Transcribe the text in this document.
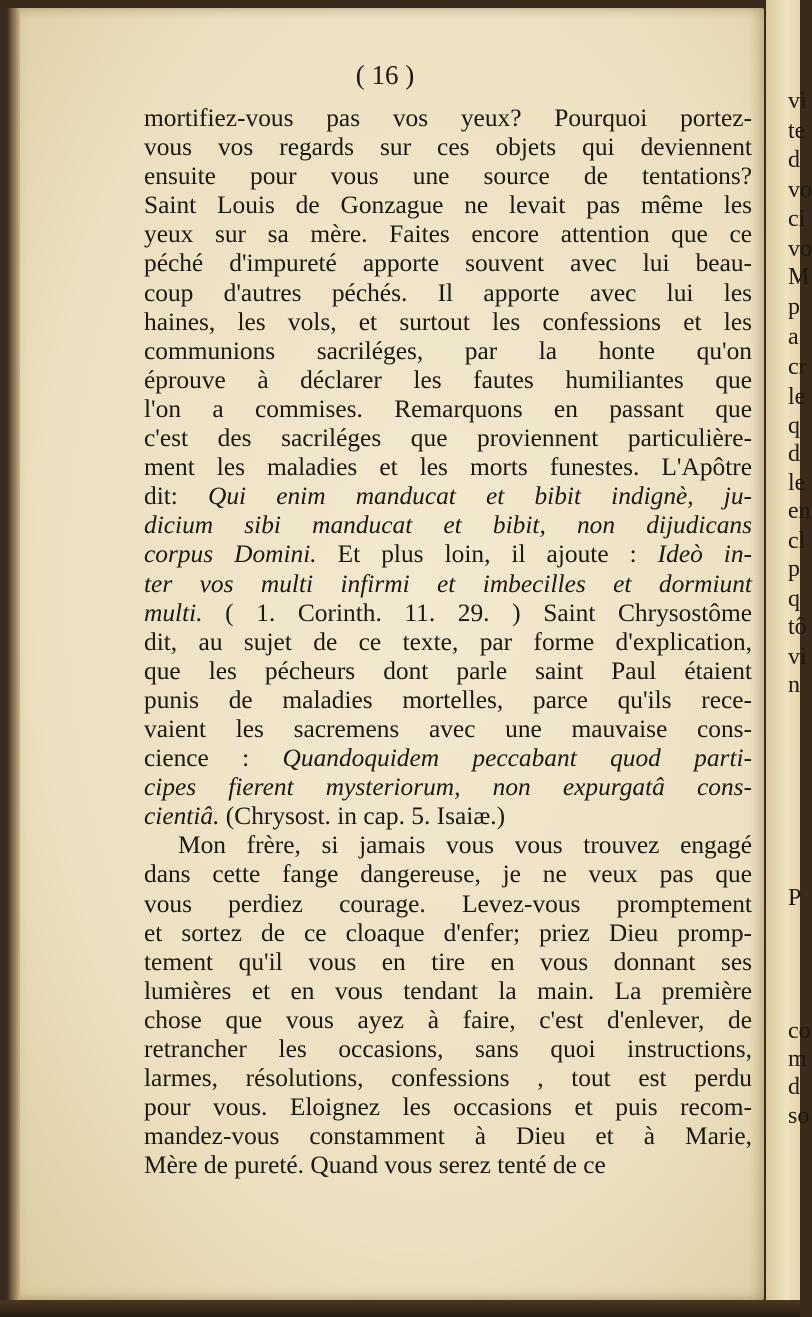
( 16 )
mortifiez-vous pas vos yeux? Pourquoi portez-
vous vos regards sur ces objets qui deviennent
ensuite pour vous une source de tentations?
Saint Louis de Gonzague ne levait pas même les
yeux sur sa mère. Faites encore attention que ce
péché d'impureté apporte souvent avec lui beau-
coup d'autres péchés. Il apporte avec lui les
haines, les vols, et surtout les confessions et les
communions sacriléges, par la honte qu'on
éprouve à déclarer les fautes humiliantes que
l'on a commises. Remarquons en passant que
c'est des sacriléges que proviennent particulière-
ment les maladies et les morts funestes. L'Apôtre
dit: Qui enim manducat et bibit indignè, ju-
dicium sibi manducat et bibit, non dijudicans
corpus Domini. Et plus loin, il ajoute : Ideò in-
ter vos multi infirmi et imbecilles et dormiunt
multi. ( 1. Corinth. 11. 29. ) Saint Chrysostôme
dit, au sujet de ce texte, par forme d'explication,
que les pécheurs dont parle saint Paul étaient
punis de maladies mortelles, parce qu'ils rece-
vaient les sacremens avec une mauvaise cons-
cience : Quandoquidem peccabant quod parti-
cipes fierent mysteriorum, non expurgatâ cons-
cientiâ. (Chrysost. in cap. 5. Isaiæ.)
Mon frère, si jamais vous vous trouvez engagé
dans cette fange dangereuse, je ne veux pas que
vous perdiez courage. Levez-vous promptement
et sortez de ce cloaque d'enfer; priez Dieu promp-
tement qu'il vous en tire en vous donnant ses
lumières et en vous tendant la main. La première
chose que vous ayez à faire, c'est d'enlever, de
retrancher les occasions, sans quoi instructions,
larmes, résolutions, confessions , tout est perdu
pour vous. Eloignez les occasions et puis recom-
mandez-vous constamment à Dieu et à Marie,
Mère de pureté. Quand vous serez tenté de ce
vi
te
d
vo
ci
vo
M
p
a
cr
le
q
d
le
en
cl
p
q
tô
vi
n
P
co
m
d
so
